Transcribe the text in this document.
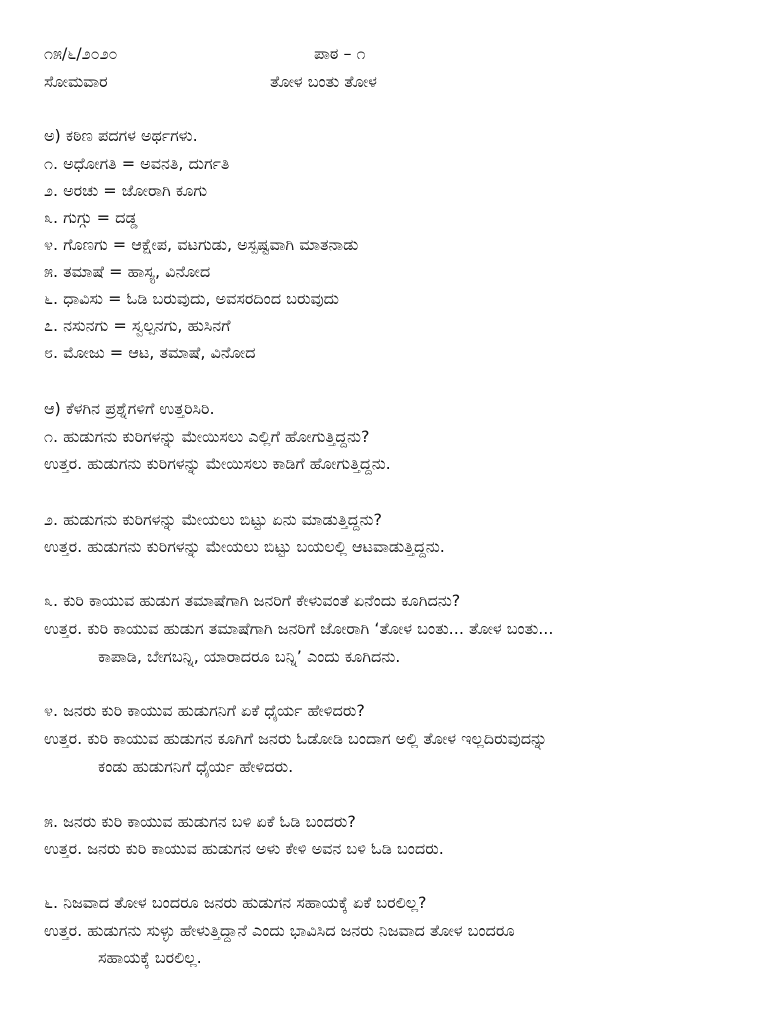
೧೫/೬/೨೦೨೦	ಪಾಠ – ೧
ಸೋಮವಾರ	ತೋಳ ಬಂತು ತೋಳ
ಅ) ಕಠಿಣ ಪದಗಳ ಅರ್ಥಗಳು.
೧. ಅಧೋಗತಿ = ಅವನತಿ, ದುರ್ಗತಿ
೨. ಅರಚು = ಜೋರಾಗಿ ಕೂಗು
೩. ಗುಗ್ಗು = ದಡ್ಡ
೪. ಗೊಣಗು = ಆಕ್ಷೇಪ, ವಟಗುಡು, ಅಸ್ಪಷ್ಟವಾಗಿ ಮಾತನಾಡು
೫. ತಮಾಷೆ = ಹಾಸ್ಯ, ವಿನೋದ
೬. ಧಾವಿಸು = ಓಡಿ ಬರುವುದು, ಅವಸರದಿಂದ ಬರುವುದು
೭. ನಸುನಗು = ಸ್ವಲ್ಪನಗು, ಹುಸಿನಗೆ
೮. ಮೋಜು = ಆಟ, ತಮಾಷೆ, ವಿನೋದ
ಆ) ಕೆಳಗಿನ ಪ್ರಶ್ನೆಗಳಿಗೆ ಉತ್ತರಿಸಿರಿ.
೧. ಹುಡುಗನು ಕುರಿಗಳನ್ನು ಮೇಯಿಸಲು ಎಲ್ಲಿಗೆ ಹೋಗುತ್ತಿದ್ದನು?
ಉತ್ತರ. ಹುಡುಗನು ಕುರಿಗಳನ್ನು ಮೇಯಿಸಲು ಕಾಡಿಗೆ ಹೋಗುತ್ತಿದ್ದನು.
೨. ಹುಡುಗನು ಕುರಿಗಳನ್ನು ಮೇಯಲು ಬಿಟ್ಟು ಏನು ಮಾಡುತ್ತಿದ್ದನು?
ಉತ್ತರ. ಹುಡುಗನು ಕುರಿಗಳನ್ನು ಮೇಯಲು ಬಿಟ್ಟು ಬಯಲಲ್ಲಿ ಆಟವಾಡುತ್ತಿದ್ದನು.
೩. ಕುರಿ ಕಾಯುವ ಹುಡುಗ ತಮಾಷೆಗಾಗಿ ಜನರಿಗೆ ಕೇಳುವಂತೆ ಏನೆಂದು ಕೂಗಿದನು?
ಉತ್ತರ. ಕುರಿ ಕಾಯುವ ಹುಡುಗ ತಮಾಷೆಗಾಗಿ ಜನರಿಗೆ ಜೋರಾಗಿ ‘ತೋಳ ಬಂತು... ತೋಳ ಬಂತು...
ಕಾಪಾಡಿ, ಬೇಗಬನ್ನಿ, ಯಾರಾದರೂ ಬನ್ನಿ’ ಎಂದು ಕೂಗಿದನು.
೪. ಜನರು ಕುರಿ ಕಾಯುವ ಹುಡುಗನಿಗೆ ಏಕೆ ಧೈರ್ಯ ಹೇಳಿದರು?
ಉತ್ತರ. ಕುರಿ ಕಾಯುವ ಹುಡುಗನ ಕೂಗಿಗೆ ಜನರು ಓಡೋಡಿ ಬಂದಾಗ ಅಲ್ಲಿ ತೋಳ ಇಲ್ಲದಿರುವುದನ್ನು
ಕಂಡು ಹುಡುಗನಿಗೆ ಧೈರ್ಯ ಹೇಳಿದರು.
೫. ಜನರು ಕುರಿ ಕಾಯುವ ಹುಡುಗನ ಬಳಿ ಏಕೆ ಓಡಿ ಬಂದರು?
ಉತ್ತರ. ಜನರು ಕುರಿ ಕಾಯುವ ಹುಡುಗನ ಅಳು ಕೇಳಿ ಅವನ ಬಳಿ ಓಡಿ ಬಂದರು.
೬. ನಿಜವಾದ ತೋಳ ಬಂದರೂ ಜನರು ಹುಡುಗನ ಸಹಾಯಕ್ಕೆ ಏಕೆ ಬರಲಿಲ್ಲ?
ಉತ್ತರ. ಹುಡುಗನು ಸುಳ್ಳು ಹೇಳುತ್ತಿದ್ದಾನೆ ಎಂದು ಭಾವಿಸಿದ ಜನರು ನಿಜವಾದ ತೋಳ ಬಂದರೂ
ಸಹಾಯಕ್ಕೆ ಬರಲಿಲ್ಲ.
